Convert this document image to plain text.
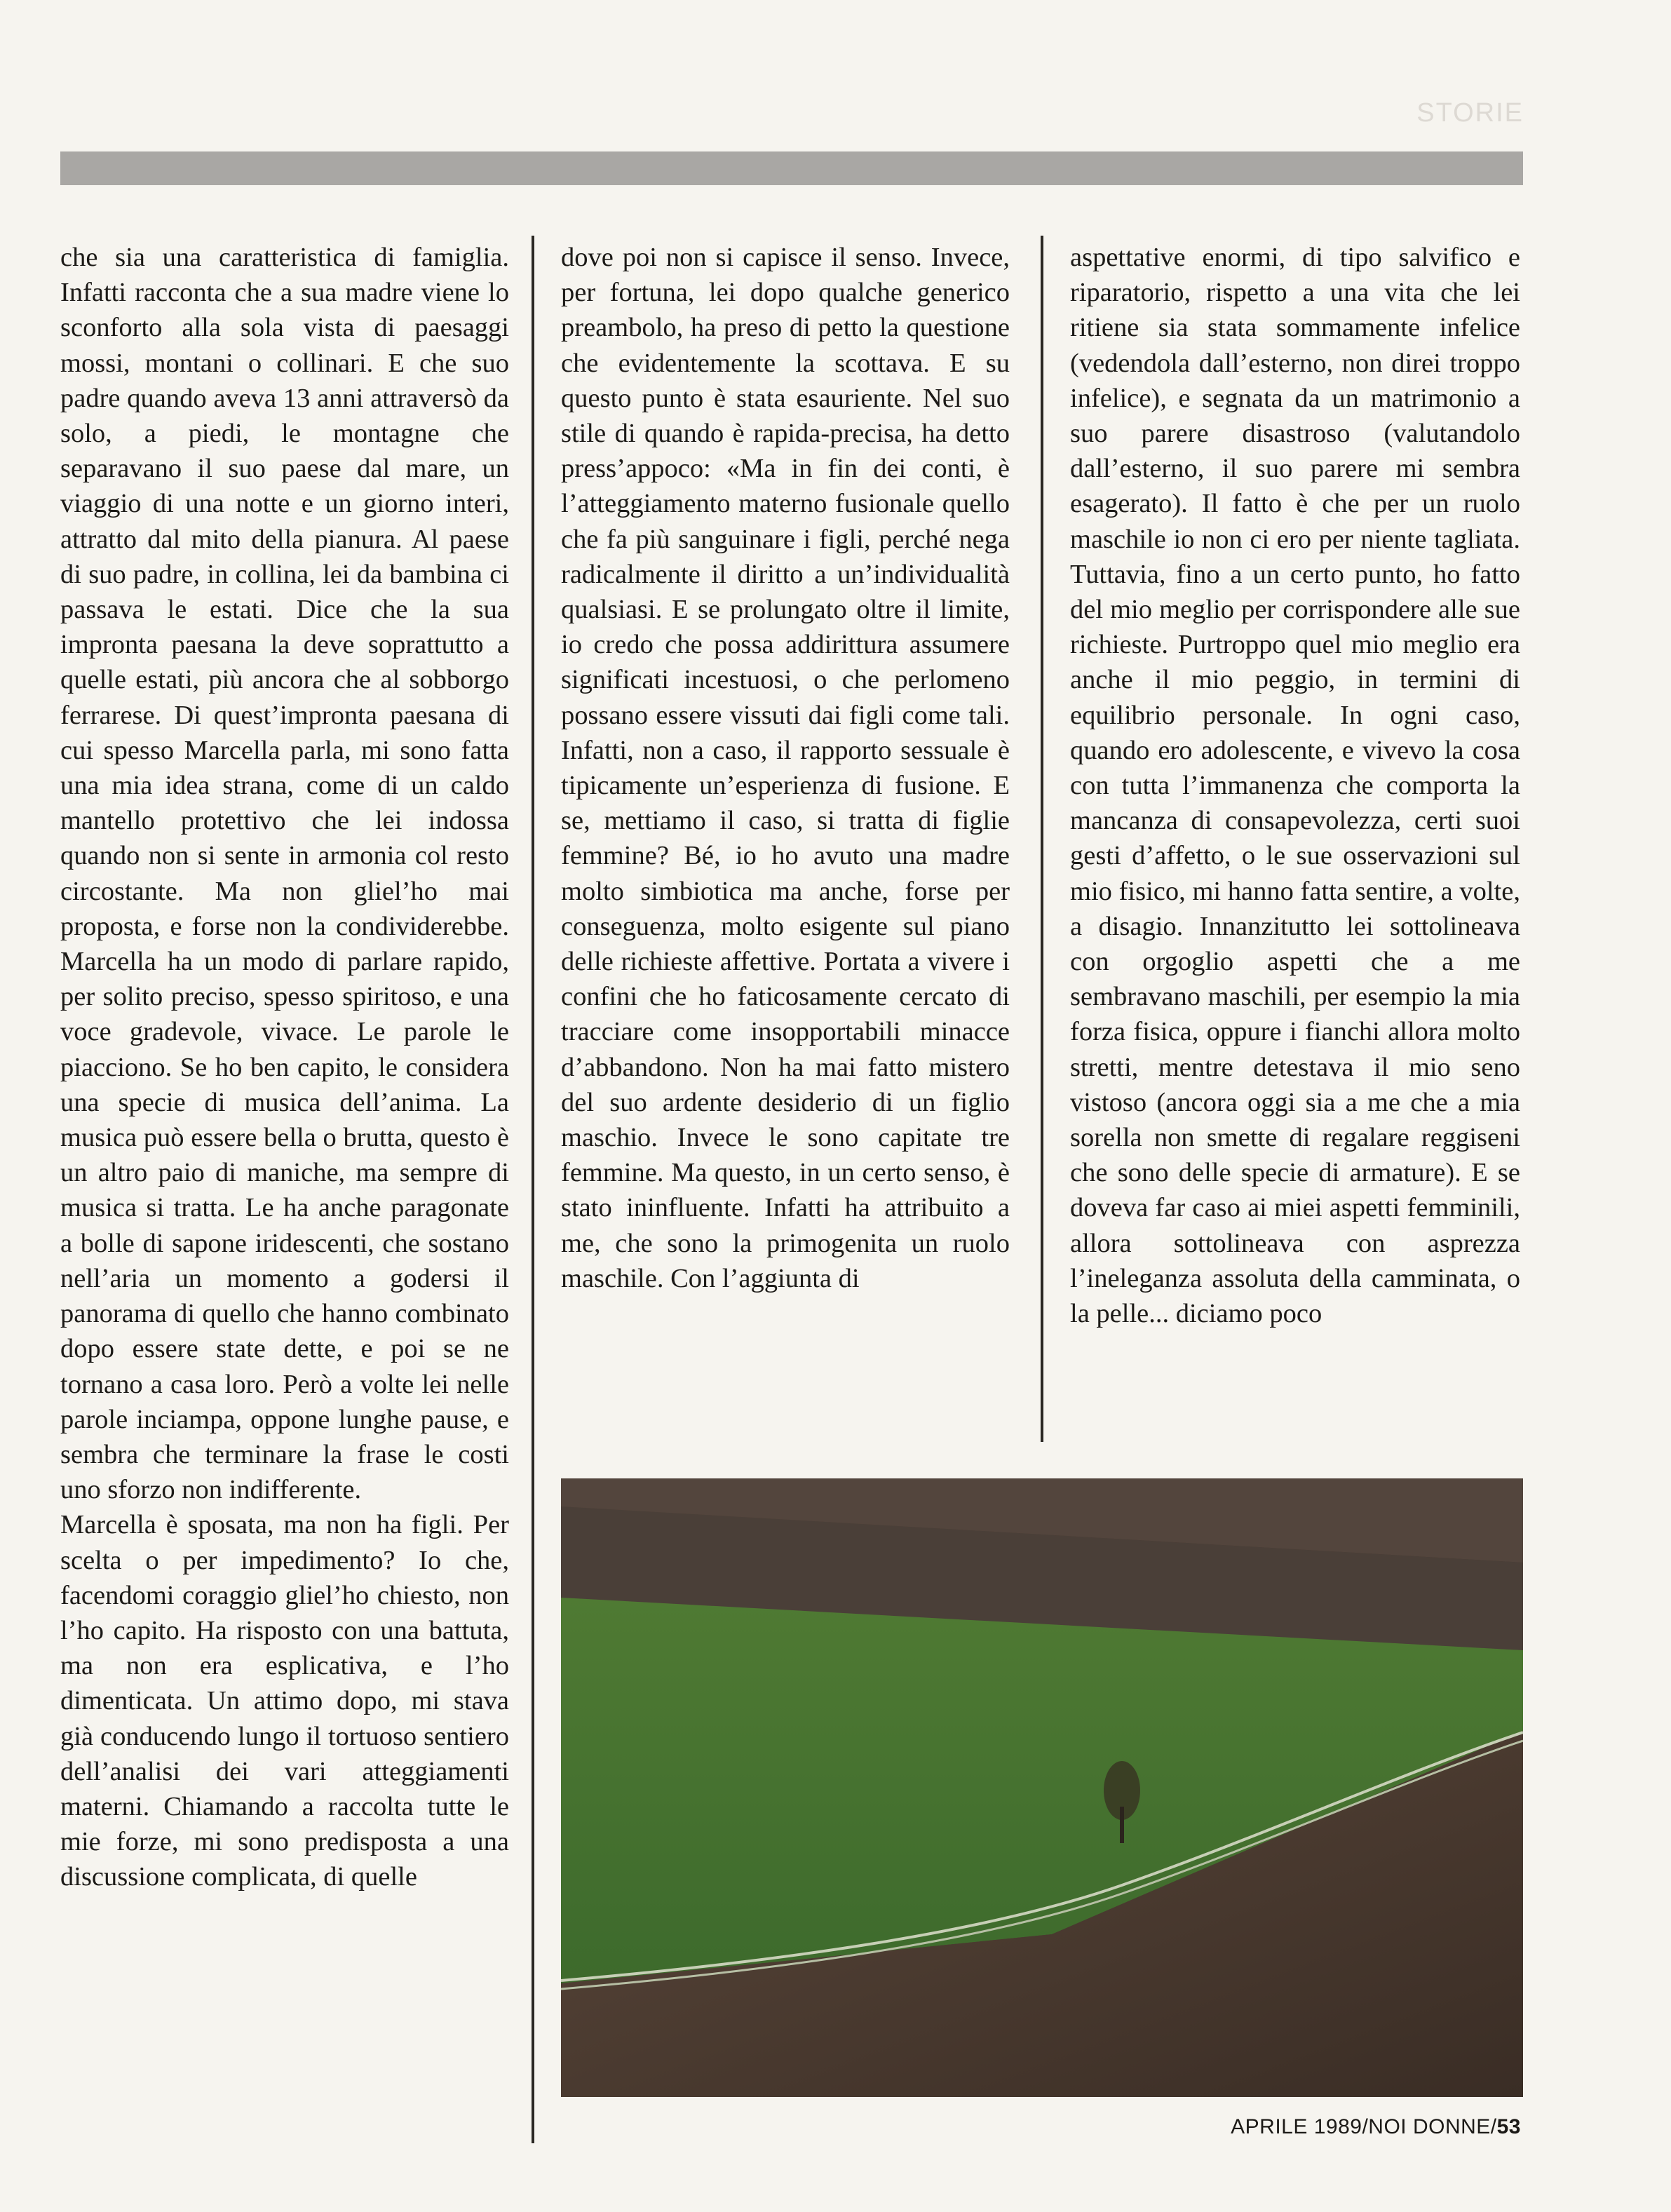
STORIE

che sia una caratteristica di famiglia. Infatti racconta che a sua madre viene lo sconforto alla sola vista di paesaggi mossi, montani o collinari. E che suo padre quando aveva 13 anni attraversò da solo, a piedi, le montagne che separavano il suo paese dal mare, un viaggio di una notte e un giorno interi, attratto dal mito della pianura. Al paese di suo padre, in collina, lei da bambina ci passava le estati. Dice che la sua impronta paesana la deve soprattutto a quelle estati, più ancora che al sobborgo ferrarese. Di quest’impronta paesana di cui spesso Marcella parla, mi sono fatta una mia idea strana, come di un caldo mantello protettivo che lei indossa quando non si sente in armonia col resto circostante. Ma non gliel’ho mai proposta, e forse non la condividerebbe. Marcella ha un modo di parlare rapido, per solito preciso, spesso spiritoso, e una voce gradevole, vivace. Le parole le piacciono. Se ho ben capito, le considera una specie di musica dell’anima. La musica può essere bella o brutta, questo è un altro paio di maniche, ma sempre di musica si tratta. Le ha anche paragonate a bolle di sapone iridescenti, che sostano nell’aria un momento a godersi il panorama di quello che hanno combinato dopo essere state dette, e poi se ne tornano a casa loro. Però a volte lei nelle parole inciampa, oppone lunghe pause, e sembra che terminare la frase le costi uno sforzo non indifferente.

Marcella è sposata, ma non ha figli. Per scelta o per impedimento? Io che, facendomi coraggio gliel’ho chiesto, non l’ho capito. Ha risposto con una battuta, ma non era esplicativa, e l’ho dimenticata. Un attimo dopo, mi stava già conducendo lungo il tortuoso sentiero dell’analisi dei vari atteggiamenti materni. Chiamando a raccolta tutte le mie forze, mi sono predisposta a una discussione complicata, di quelle

dove poi non si capisce il senso. Invece, per fortuna, lei dopo qualche generico preambolo, ha preso di petto la questione che evidentemente la scottava. E su questo punto è stata esauriente. Nel suo stile di quando è rapida-precisa, ha detto press’appoco: «Ma in fin dei conti, è l’atteggiamento materno fusionale quello che fa più sanguinare i figli, perché nega radicalmente il diritto a un’individualità qualsiasi. E se prolungato oltre il limite, io credo che possa addirittura assumere significati incestuosi, o che perlomeno possano essere vissuti dai figli come tali. Infatti, non a caso, il rapporto sessuale è tipicamente un’esperienza di fusione. E se, mettiamo il caso, si tratta di figlie femmine? Bé, io ho avuto una madre molto simbiotica ma anche, forse per conseguenza, molto esigente sul piano delle richieste affettive. Portata a vivere i confini che ho faticosamente cercato di tracciare come insopportabili minacce d’abbandono. Non ha mai fatto mistero del suo ardente desiderio di un figlio maschio. Invece le sono capitate tre femmine. Ma questo, in un certo senso, è stato ininfluente. Infatti ha attribuito a me, che sono la primogenita un ruolo maschile. Con l’aggiunta di

aspettative enormi, di tipo salvifico e riparatorio, rispetto a una vita che lei ritiene sia stata sommamente infelice (vedendola dall’esterno, non direi troppo infelice), e segnata da un matrimonio a suo parere disastroso (valutandolo dall’esterno, il suo parere mi sembra esagerato). Il fatto è che per un ruolo maschile io non ci ero per niente tagliata. Tuttavia, fino a un certo punto, ho fatto del mio meglio per corrispondere alle sue richieste. Purtroppo quel mio meglio era anche il mio peggio, in termini di equilibrio personale. In ogni caso, quando ero adolescente, e vivevo la cosa con tutta l’immanenza che comporta la mancanza di consapevolezza, certi suoi gesti d’affetto, o le sue osservazioni sul mio fisico, mi hanno fatta sentire, a volte, a disagio. Innanzitutto lei sottolineava con orgoglio aspetti che a me sembravano maschili, per esempio la mia forza fisica, oppure i fianchi allora molto stretti, mentre detestava il mio seno vistoso (ancora oggi sia a me che a mia sorella non smette di regalare reggiseni che sono delle specie di armature). E se doveva far caso ai miei aspetti femminili, allora sottolineava con asprezza l’ineleganza assoluta della camminata, o la pelle... diciamo poco

APRILE 1989/NOI DONNE/53
